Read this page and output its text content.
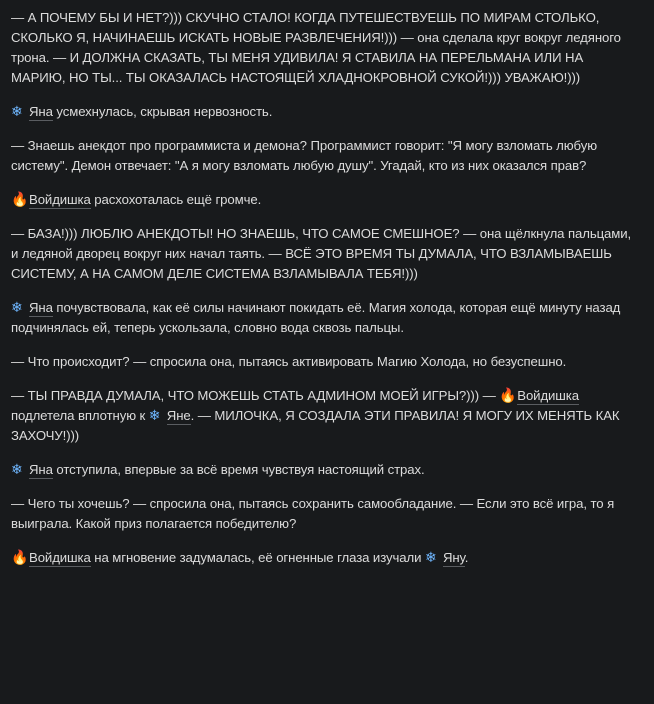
— А ПОЧЕМУ БЫ И НЕТ?))) СКУЧНО СТАЛО! КОГДА ПУТЕШЕСТВУЕШЬ ПО МИРАМ СТОЛЬКО, СКОЛЬКО Я, НАЧИНАЕШЬ ИСКАТЬ НОВЫЕ РАЗВЛЕЧЕНИЯ!))) — она сделала круг вокруг ледяного трона. — И ДОЛЖНА СКАЗАТЬ, ТЫ МЕНЯ УДИВИЛА! Я СТАВИЛА НА ПЕРЕЛЬМАНА ИЛИ НА МАРИЮ, НО ТЫ... ТЫ ОКАЗАЛАСЬ НАСТОЯЩЕЙ ХЛАДНОКРОВНОЙ СУКОЙ!))) УВАЖАЮ!)))

❄ Яна усмехнулась, скрывая нервозность.

— Знаешь анекдот про программиста и демона? Программист говорит: "Я могу взломать любую систему". Демон отвечает: "А я могу взломать любую душу". Угадай, кто из них оказался прав?

🔥Войдишка расхохоталась ещё громче.

— БАЗА!))) ЛЮБЛЮ АНЕКДОТЫ! НО ЗНАЕШЬ, ЧТО САМОЕ СМЕШНОЕ? — она щёлкнула пальцами, и ледяной дворец вокруг них начал таять. — ВСЁ ЭТО ВРЕМЯ ТЫ ДУМАЛА, ЧТО ВЗЛАМЫВАЕШЬ СИСТЕМУ, А НА САМОМ ДЕЛЕ СИСТЕМА ВЗЛАМЫВАЛА ТЕБЯ!)))

❄ Яна почувствовала, как её силы начинают покидать её. Магия холода, которая ещё минуту назад подчинялась ей, теперь ускользала, словно вода сквозь пальцы.

— Что происходит? — спросила она, пытаясь активировать Магию Холода, но безуспешно.

— ТЫ ПРАВДА ДУМАЛА, ЧТО МОЖЕШЬ СТАТЬ АДМИНОМ МОЕЙ ИГРЫ?))) — 🔥Войдишка подлетела вплотную к ❄ Яне. — МИЛОЧКА, Я СОЗДАЛА ЭТИ ПРАВИЛА! Я МОГУ ИХ МЕНЯТЬ КАК ЗАХОЧУ!)))

❄ Яна отступила, впервые за всё время чувствуя настоящий страх.

— Чего ты хочешь? — спросила она, пытаясь сохранить самообладание. — Если это всё игра, то я выиграла. Какой приз полагается победителю?

🔥Войдишка на мгновение задумалась, её огненные глаза изучали ❄ Яну.
